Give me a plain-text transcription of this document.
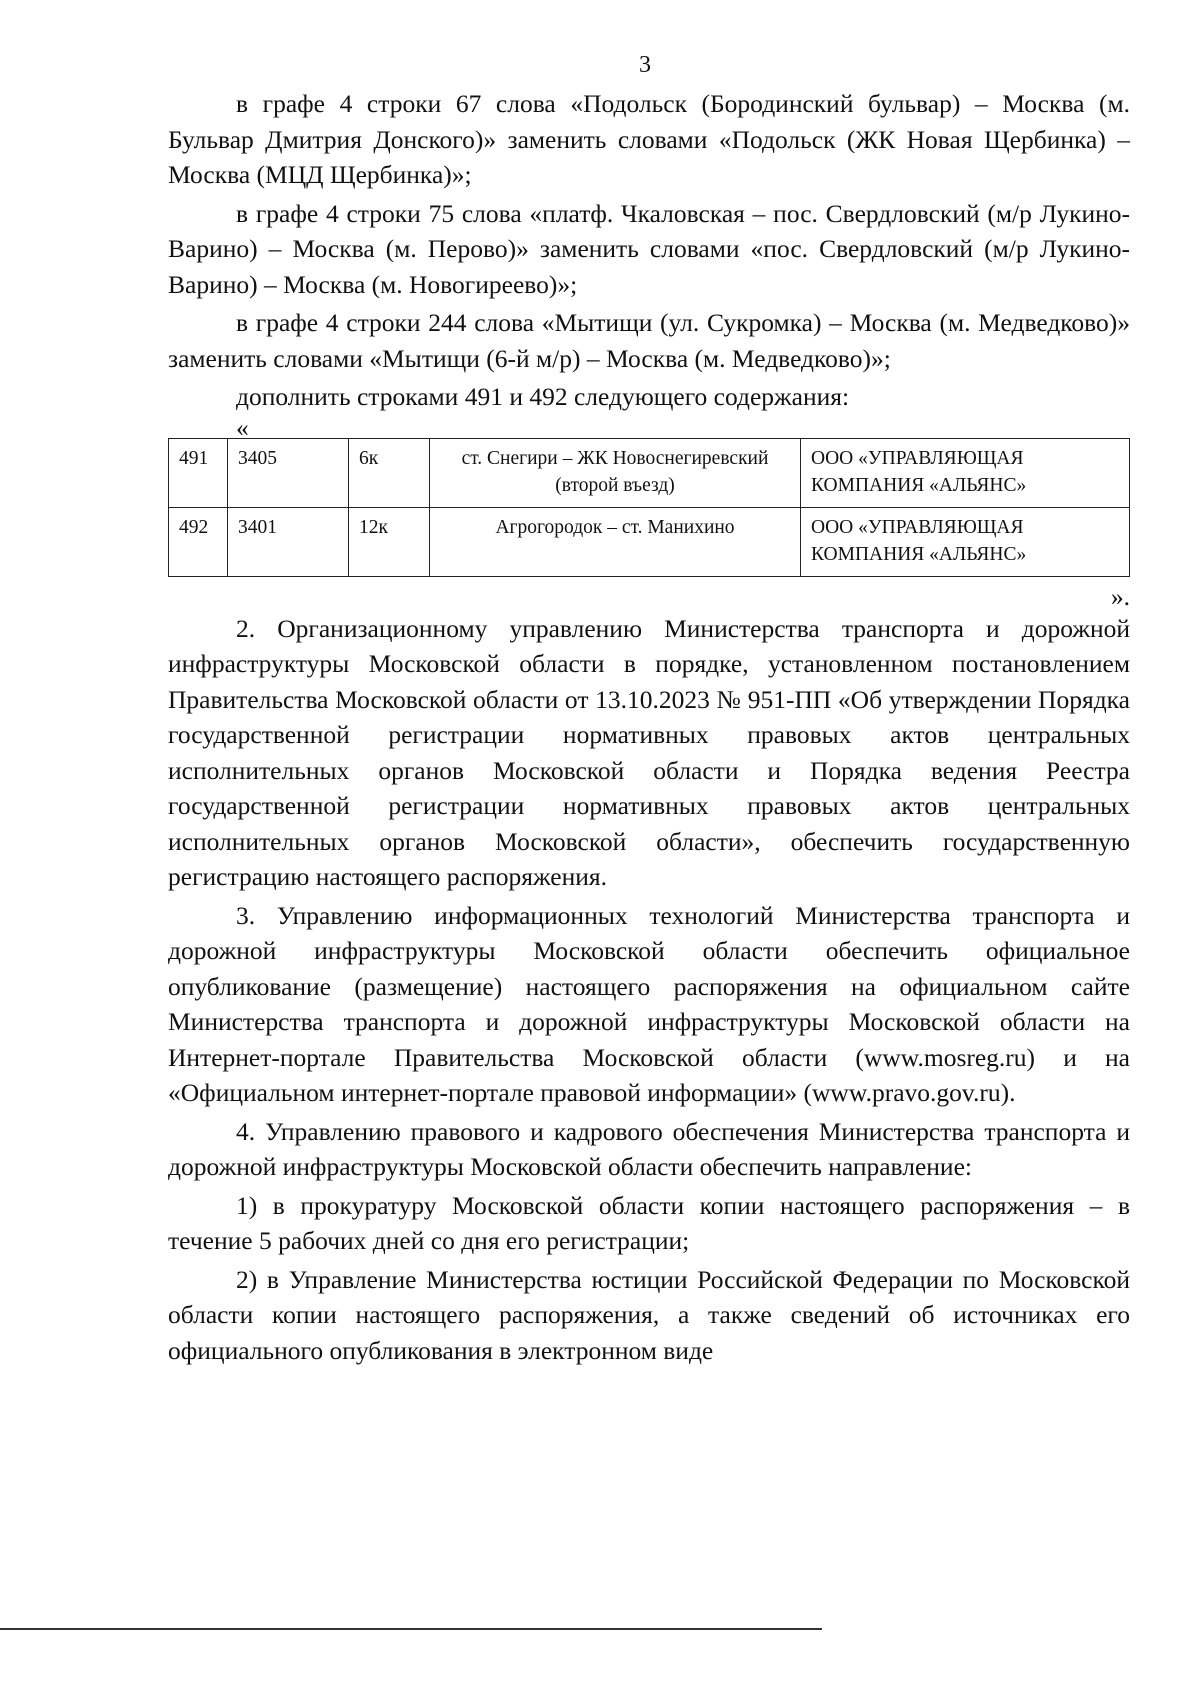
3

в графе 4 строки 67 слова «Подольск (Бородинский бульвар) – Москва (м. Бульвар Дмитрия Донского)» заменить словами «Подольск (ЖК Новая Щербинка) – Москва (МЦД Щербинка)»;

в графе 4 строки 75 слова «платф. Чкаловская – пос. Свердловский (м/р Лукино-Варино) – Москва (м. Перово)» заменить словами «пос. Свердловский (м/р Лукино-Варино) – Москва (м. Новогиреево)»;

в графе 4 строки 244 слова «Мытищи (ул. Сукромка) – Москва (м. Медведково)» заменить словами «Мытищи (6-й м/р) – Москва (м. Медведково)»;

дополнить строками 491 и 492 следующего содержания:

«
491	3405	6к	ст. Снегири – ЖК Новоснегиревский (второй въезд)	ООО «УПРАВЛЯЮЩАЯ КОМПАНИЯ «АЛЬЯНС»
492	3401	12к	Агрогородок – ст. Манихино	ООО «УПРАВЛЯЮЩАЯ КОМПАНИЯ «АЛЬЯНС»
».

2. Организационному управлению Министерства транспорта и дорожной инфраструктуры Московской области в порядке, установленном постановлением Правительства Московской области от 13.10.2023 № 951-ПП «Об утверждении Порядка государственной регистрации нормативных правовых актов центральных исполнительных органов Московской области и Порядка ведения Реестра государственной регистрации нормативных правовых актов центральных исполнительных органов Московской области», обеспечить государственную регистрацию настоящего распоряжения.

3. Управлению информационных технологий Министерства транспорта и дорожной инфраструктуры Московской области обеспечить официальное опубликование (размещение) настоящего распоряжения на официальном сайте Министерства транспорта и дорожной инфраструктуры Московской области на Интернет-портале Правительства Московской области (www.mosreg.ru) и на «Официальном интернет-портале правовой информации» (www.pravo.gov.ru).

4. Управлению правового и кадрового обеспечения Министерства транспорта и дорожной инфраструктуры Московской области обеспечить направление:

1) в прокуратуру Московской области копии настоящего распоряжения – в течение 5 рабочих дней со дня его регистрации;

2) в Управление Министерства юстиции Российской Федерации по Московской области копии настоящего распоряжения, а также сведений об источниках его официального опубликования в электронном виде
